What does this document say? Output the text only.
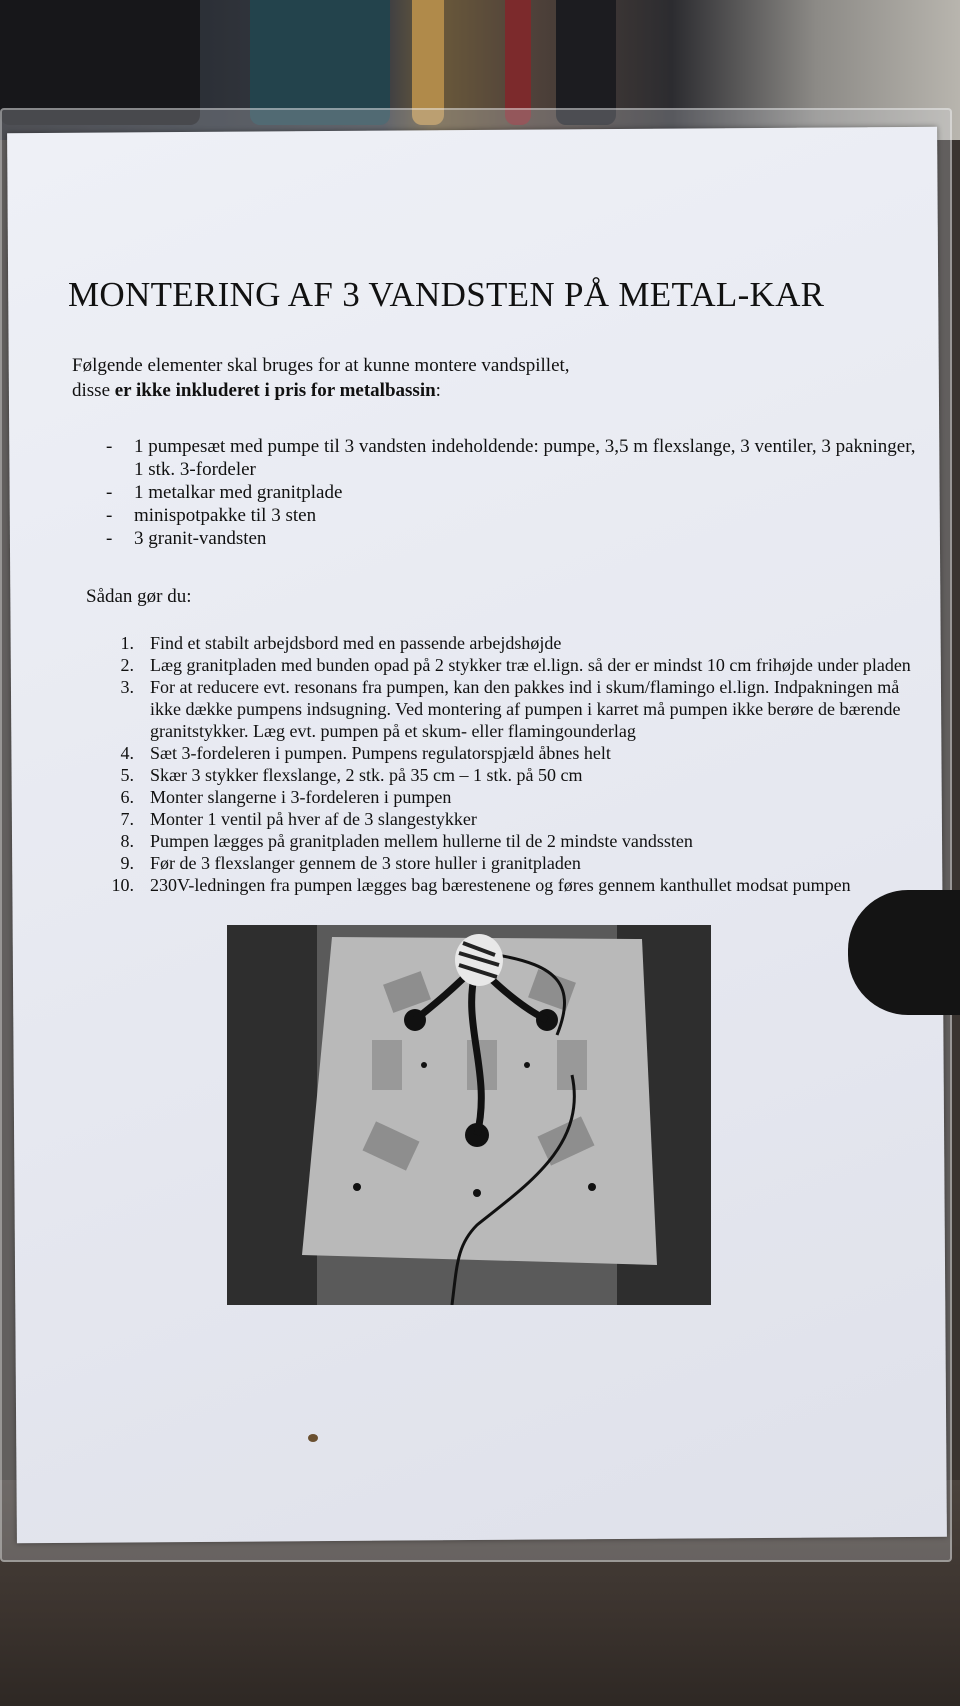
MONTERING AF 3 VANDSTEN PÅ METAL-KAR
Følgende elementer skal bruges for at kunne montere vandspillet,
disse er ikke inkluderet i pris for metalbassin:
- 1 pumpesæt med pumpe til 3 vandsten indeholdende: pumpe, 3,5 m flexslange, 3 ventiler, 3 pakninger, 1 stk. 3-fordeler
- 1 metalkar med granitplade
- minispotpakke til 3 sten
- 3 granit-vandsten
Sådan gør du:
1. Find et stabilt arbejdsbord med en passende arbejdshøjde
2. Læg granitpladen med bunden opad på 2 stykker træ el.lign. så der er mindst 10 cm frihøjde under pladen
3. For at reducere evt. resonans fra pumpen, kan den pakkes ind i skum/flamingo el.lign. Indpakningen må ikke dække pumpens indsugning. Ved montering af pumpen i karret må pumpen ikke berøre de bærende granitstykker. Læg evt. pumpen på et skum- eller flamingounderlag
4. Sæt 3-fordeleren i pumpen. Pumpens regulatorspjæld åbnes helt
5. Skær 3 stykker flexslange, 2 stk. på 35 cm – 1 stk. på 50 cm
6. Monter slangerne i 3-fordeleren i pumpen
7. Monter 1 ventil på hver af de 3 slangestykker
8. Pumpen lægges på granitpladen mellem hullerne til de 2 mindste vandssten
9. Før de 3 flexslanger gennem de 3 store huller i granitpladen
10. 230V-ledningen fra pumpen lægges bag bærestenene og føres gennem kanthullet modsat pumpen
